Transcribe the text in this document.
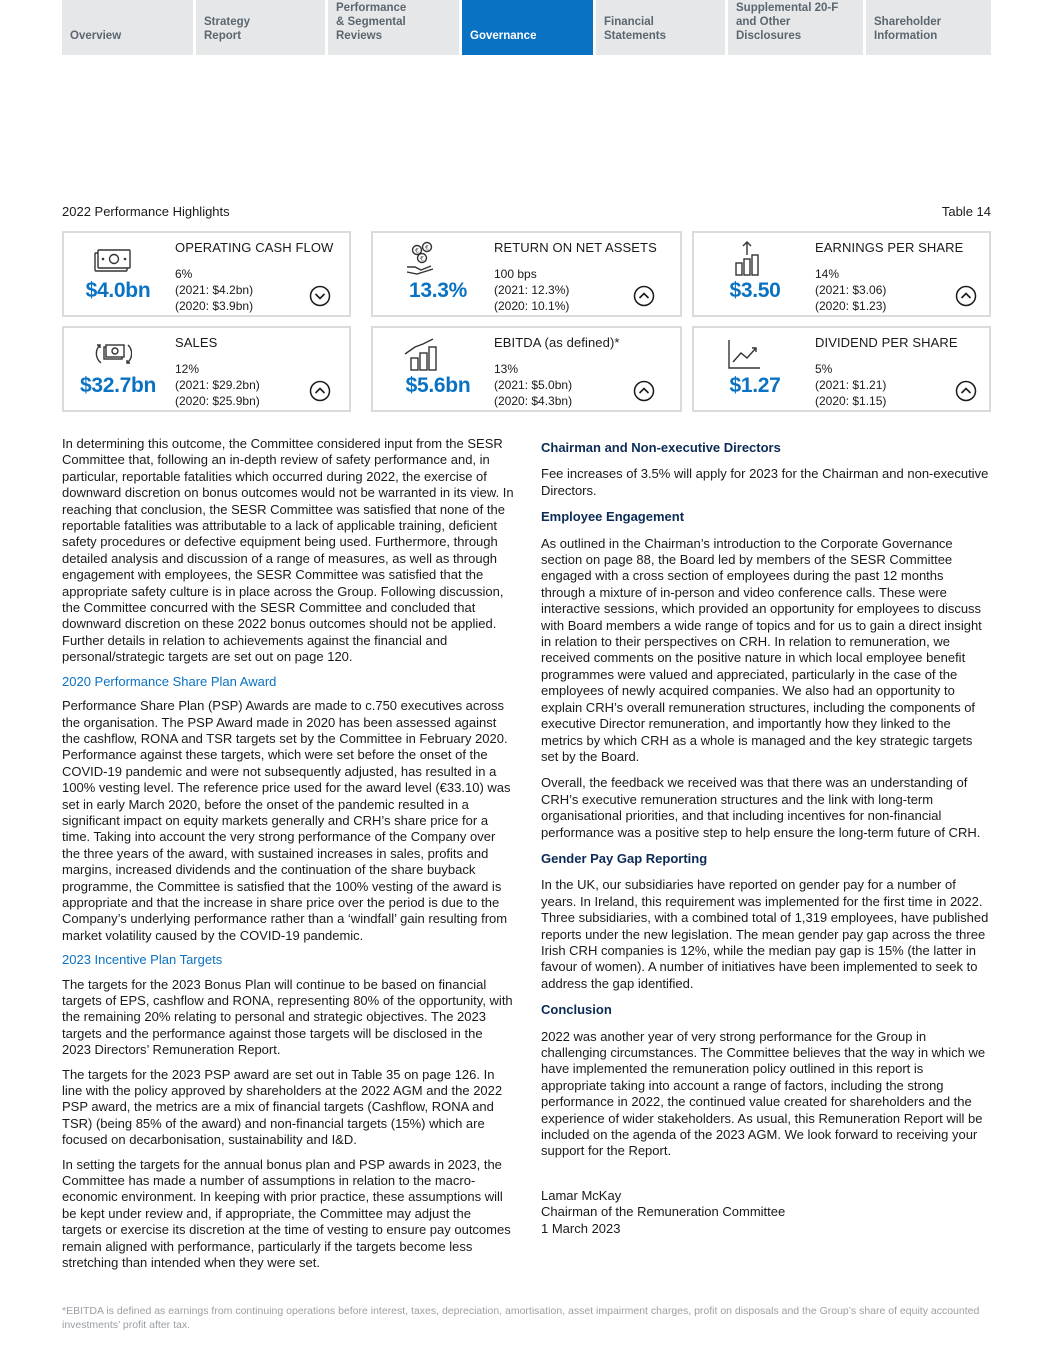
Overview
Strategy
Report
Performance
& Segmental Reviews	Governance
Financial
Statements
Supplemental 20-F
and Other Disclosures
Shareholder
Information
2022 Performance Highlights	Table 14
$4.0bn
OPERATING CASH FLOW
6%
(2021: $4.2bn)
(2020: $3.9bn)
€ €
€
13.3%
RETURN ON NET ASSETS
100 bps
(2021: 12.3%)
(2020: 10.1%)
$3.50
EARNINGS PER SHARE
14%
(2021: $3.06)
(2020: $1.23)
$32.7bn
SALES
12%
(2021: $29.2bn)
(2020: $25.9bn)
$5.6bn
EBITDA (as defined)*
13%
(2021: $5.0bn)
(2020: $4.3bn)
$1.27
DIVIDEND PER SHARE
5%
(2021: $1.21)
(2020: $1.15)

In determining this outcome, the Committee considered input from the SESR Committee that, following an in-depth review of safety performance and, in particular, reportable fatalities which occurred during 2022, the exercise of downward discretion on bonus outcomes would not be warranted in its view. In reaching that conclusion, the SESR Committee was satisfied that none of the reportable fatalities was attributable to a lack of applicable training, deficient safety procedures or defective equipment being used. Furthermore, through detailed analysis and discussion of a range of measures, as well as through engagement with employees, the SESR Committee was satisfied that the appropriate safety culture is in place across the Group. Following discussion, the Committee concurred with the SESR Committee and concluded that downward discretion on these 2022 bonus outcomes should not be applied. Further details in relation to achievements against the financial and personal/strategic targets are set out on page 120.

2020 Performance Share Plan Award

Performance Share Plan (PSP) Awards are made to c.750 executives across the organisation. The PSP Award made in 2020 has been assessed against the cashflow, RONA and TSR targets set by the Committee in February 2020. Performance against these targets, which were set before the onset of the COVID-19 pandemic and were not subsequently adjusted, has resulted in a 100% vesting level. The reference price used for the award level (€33.10) was set in early March 2020, before the onset of the pandemic resulted in a significant impact on equity markets generally and CRH’s share price for a time. Taking into account the very strong performance of the Company over the three years of the award, with sustained increases in sales, profits and margins, increased dividends and the continuation of the share buyback programme, the Committee is satisfied that the 100% vesting of the award is appropriate and that the increase in share price over the period is due to the Company’s underlying performance rather than a ‘windfall’ gain resulting from market volatility caused by the COVID-19 pandemic.

2023 Incentive Plan Targets

The targets for the 2023 Bonus Plan will continue to be based on financial targets of EPS, cashflow and RONA, representing 80% of the opportunity, with the remaining 20% relating to personal and strategic objectives. The 2023 targets and the performance against those targets will be disclosed in the 2023 Directors’ Remuneration Report.

The targets for the 2023 PSP award are set out in Table 35 on page 126. In line with the policy approved by shareholders at the 2022 AGM and the 2022 PSP award, the metrics are a mix of financial targets (Cashflow, RONA and TSR) (being 85% of the award) and non-financial targets (15%) which are focused on decarbonisation, sustainability and I&D.

In setting the targets for the annual bonus plan and PSP awards in 2023, the Committee has made a number of assumptions in relation to the macro-economic environment. In keeping with prior practice, these assumptions will be kept under review and, if appropriate, the Committee may adjust the targets or exercise its discretion at the time of vesting to ensure pay outcomes remain aligned with performance, particularly if the targets become less stretching than intended when they were set.

Chairman and Non-executive Directors

Fee increases of 3.5% will apply for 2023 for the Chairman and non-executive Directors.

Employee Engagement

As outlined in the Chairman’s introduction to the Corporate Governance section on page 88, the Board led by members of the SESR Committee engaged with a cross section of employees during the past 12 months through a mixture of in-person and video conference calls. These were interactive sessions, which provided an opportunity for employees to discuss with Board members a wide range of topics and for us to gain a direct insight in relation to their perspectives on CRH. In relation to remuneration, we received comments on the positive nature in which local employee benefit programmes were valued and appreciated, particularly in the case of the employees of newly acquired companies. We also had an opportunity to explain CRH’s overall remuneration structures, including the components of executive Director remuneration, and importantly how they linked to the metrics by which CRH as a whole is managed and the key strategic targets set by the Board.

Overall, the feedback we received was that there was an understanding of CRH’s executive remuneration structures and the link with long-term organisational priorities, and that including incentives for non-financial performance was a positive step to help ensure the long-term future of CRH.

Gender Pay Gap Reporting

In the UK, our subsidiaries have reported on gender pay for a number of years. In Ireland, this requirement was implemented for the first time in 2022. Three subsidiaries, with a combined total of 1,319 employees, have published reports under the new legislation. The mean gender pay gap across the three Irish CRH companies is 12%, while the median pay gap is 15% (the latter in favour of women). A number of initiatives have been implemented to seek to address the gap identified.

Conclusion

2022 was another year of very strong performance for the Group in challenging circumstances. The Committee believes that the way in which we have implemented the remuneration policy outlined in this report is appropriate taking into account a range of factors, including the strong performance in 2022, the continued value created for shareholders and the experience of wider stakeholders. As usual, this Remuneration Report will be included on the agenda of the 2023 AGM. We look forward to receiving your support for the Report.

Lamar McKay
Chairman of the Remuneration Committee
1 March 2023
*EBITDA is defined as earnings from continuing operations before interest, taxes, depreciation, amortisation, asset impairment charges, profit on disposals and the Group’s share of equity accounted investments’ profit after tax.
